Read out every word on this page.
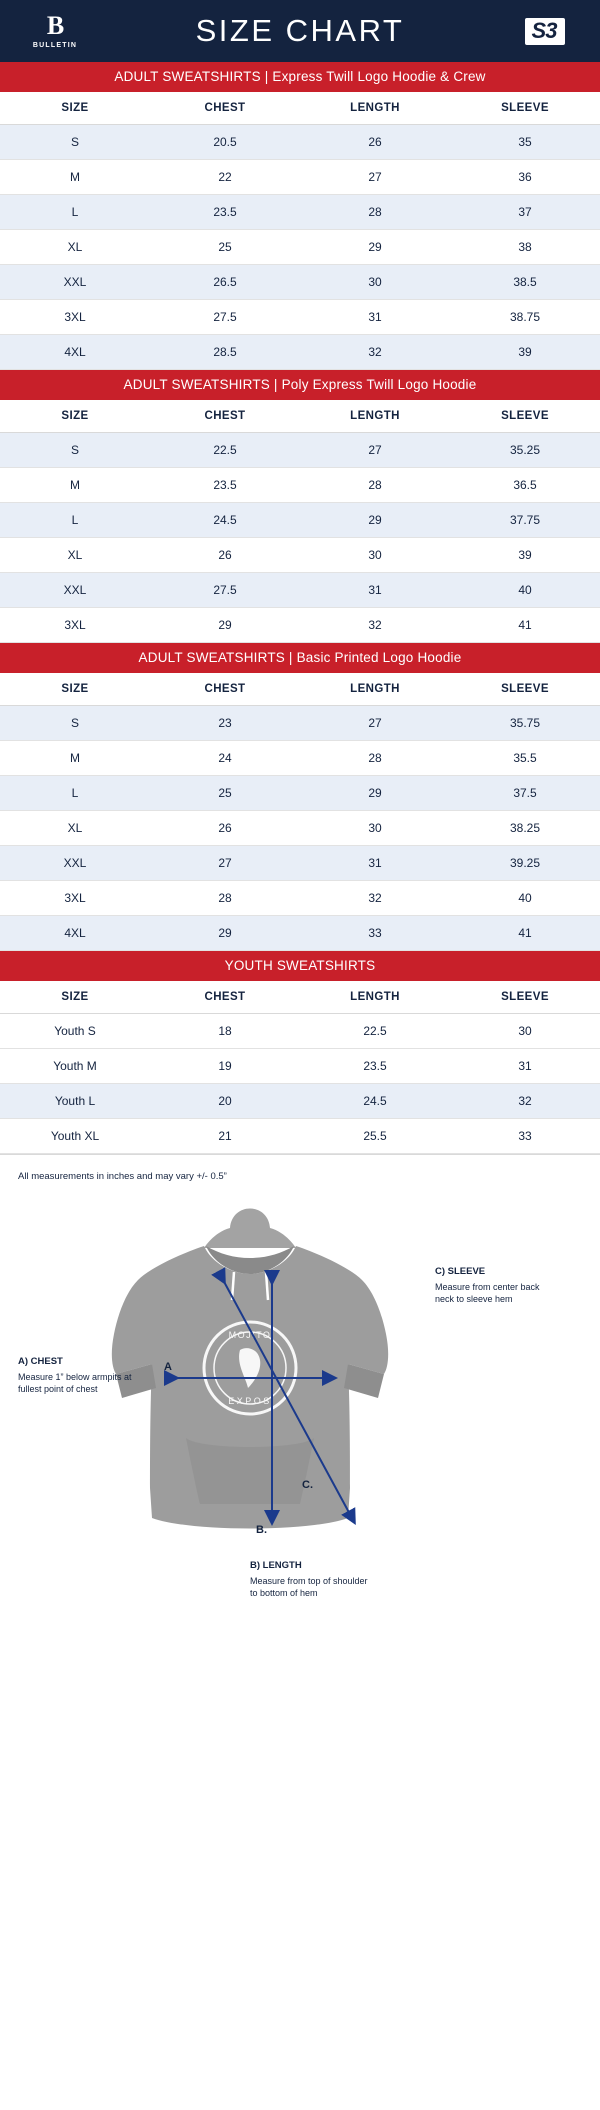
B
BULLETIN	SIZE CHART	S3
ADULT SWEATSHIRTS | Express Twill Logo Hoodie & Crew
SIZE	CHEST	LENGTH	SLEEVE
S	20.5	26	35
M	22	27	36
L	23.5	28	37
XL	25	29	38
XXL	26.5	30	38.5
3XL	27.5	31	38.75
4XL	28.5	32	39
ADULT SWEATSHIRTS | Poly Express Twill Logo Hoodie
SIZE	CHEST	LENGTH	SLEEVE
S	22.5	27	35.25
M	23.5	28	36.5
L	24.5	29	37.75
XL	26	30	39
XXL	27.5	31	40
3XL	29	32	41
ADULT SWEATSHIRTS | Basic Printed Logo Hoodie
SIZE	CHEST	LENGTH	SLEEVE
S	23	27	35.75
M	24	28	35.5
L	25	29	37.5
XL	26	30	38.25
XXL	27	31	39.25
3XL	28	32	40
4XL	29	33	41
YOUTH SWEATSHIRTS
SIZE	CHEST	LENGTH	SLEEVE
Youth S	18	22.5	30
Youth M	19	23.5	31
Youth L	20	24.5	32
Youth XL	21	25.5	33
All measurements in inches and may vary +/- 0.5”
MOJITO
EXPOS
A
B.
C.
A) CHEST
Measure 1” below armpits at fullest point of chest
C) SLEEVE
Measure from center back neck to sleeve hem
B) LENGTH
Measure from top of shoulder to bottom of hem
